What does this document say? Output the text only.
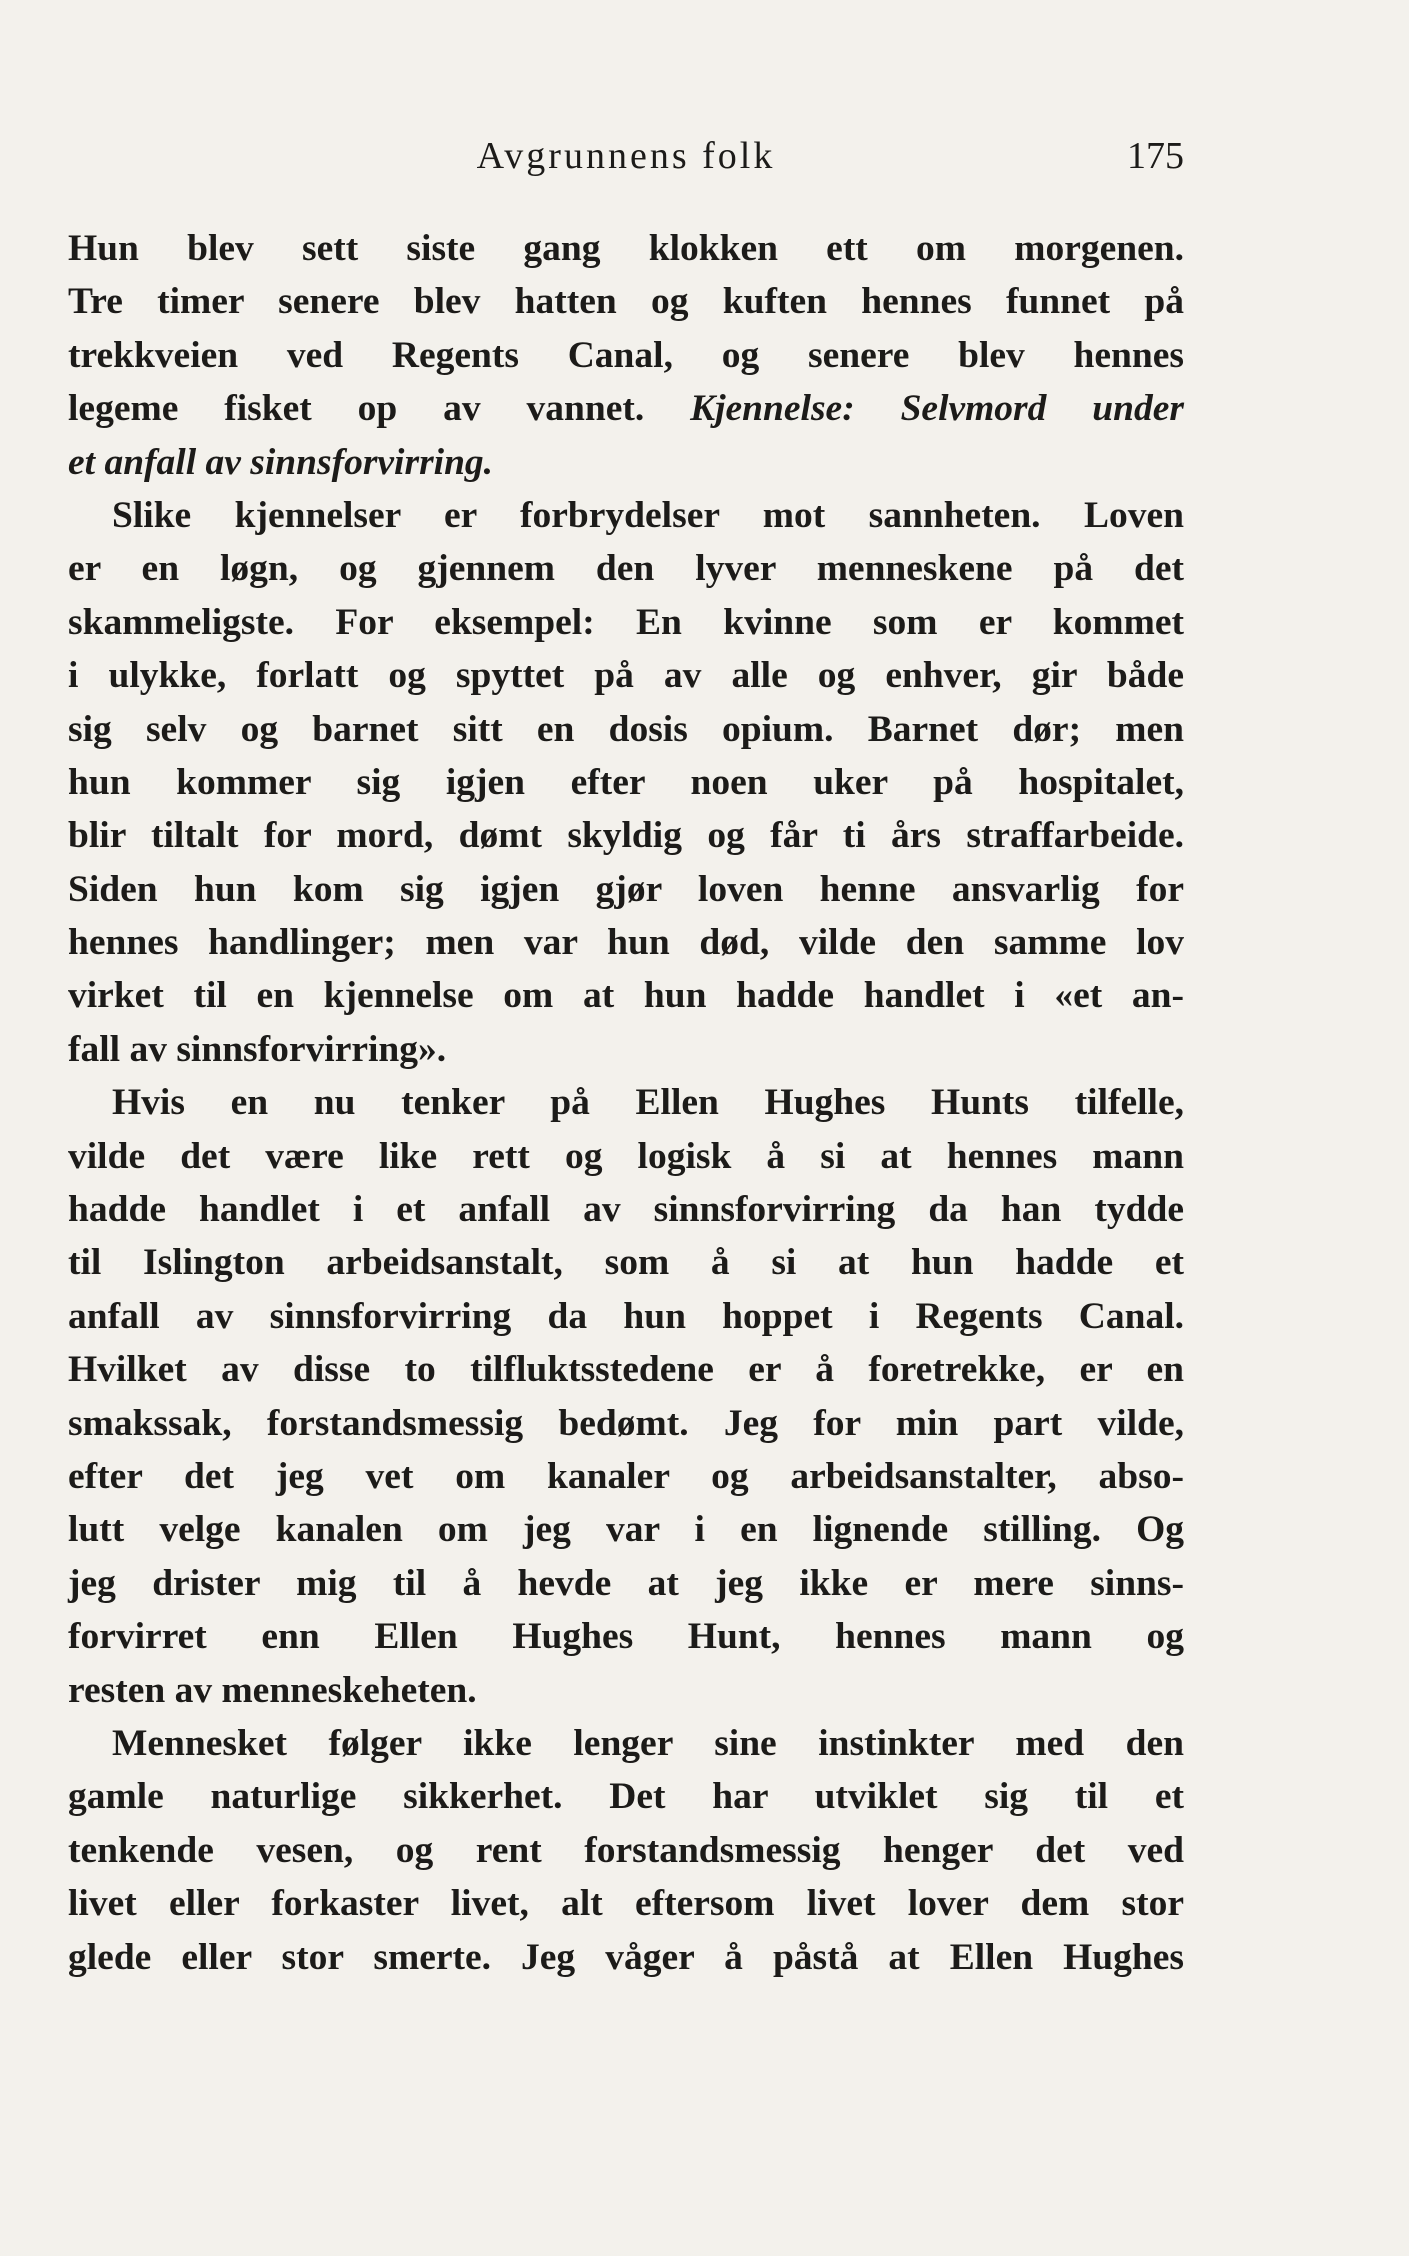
Avgrunnens folk	175
Hun blev sett siste gang klokken ett om morgenen.
Tre timer senere blev hatten og kuften hennes funnet på
trekkveien ved Regents Canal, og senere blev hennes
legeme fisket op av vannet. Kjennelse: Selvmord under
et anfall av sinnsforvirring.
Slike kjennelser er forbrydelser mot sannheten. Loven
er en løgn, og gjennem den lyver menneskene på det
skammeligste. For eksempel: En kvinne som er kommet
i ulykke, forlatt og spyttet på av alle og enhver, gir både
sig selv og barnet sitt en dosis opium. Barnet dør; men
hun kommer sig igjen efter noen uker på hospitalet,
blir tiltalt for mord, dømt skyldig og får ti års straffarbeide.
Siden hun kom sig igjen gjør loven henne ansvarlig for
hennes handlinger; men var hun død, vilde den samme lov
virket til en kjennelse om at hun hadde handlet i «et an-
fall av sinnsforvirring».
Hvis en nu tenker på Ellen Hughes Hunts tilfelle,
vilde det være like rett og logisk å si at hennes mann
hadde handlet i et anfall av sinnsforvirring da han tydde
til Islington arbeidsanstalt, som å si at hun hadde et
anfall av sinnsforvirring da hun hoppet i Regents Canal.
Hvilket av disse to tilfluktsstedene er å foretrekke, er en
smakssak, forstandsmessig bedømt. Jeg for min part vilde,
efter det jeg vet om kanaler og arbeidsanstalter, abso-
lutt velge kanalen om jeg var i en lignende stilling. Og
jeg drister mig til å hevde at jeg ikke er mere sinns-
forvirret enn Ellen Hughes Hunt, hennes mann og
resten av menneskeheten.
Mennesket følger ikke lenger sine instinkter med den
gamle naturlige sikkerhet. Det har utviklet sig til et
tenkende vesen, og rent forstandsmessig henger det ved
livet eller forkaster livet, alt eftersom livet lover dem stor
glede eller stor smerte. Jeg våger å påstå at Ellen Hughes
